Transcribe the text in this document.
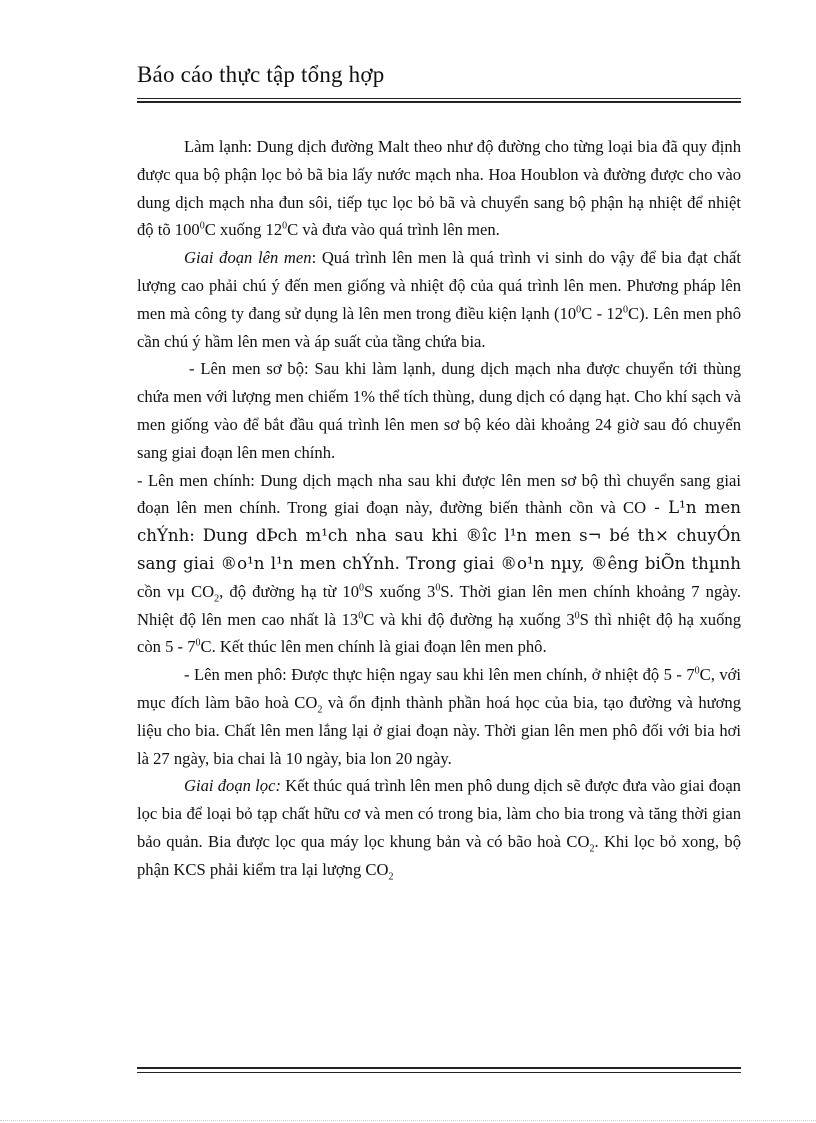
Báo cáo thực tập tổng hợp

Làm lạnh: Dung dịch đường Malt theo như độ đường cho từng loại bia đã quy định được qua bộ phận lọc bỏ bã bia lấy nước mạch nha. Hoa Houblon và đường được cho vào dung dịch mạch nha đun sôi, tiếp tục lọc bỏ bã và chuyển sang bộ phận hạ nhiệt để nhiệt độ tõ $100^0C$ xuống $12^0C$ và đưa vào quá trình lên men.

Giai đoạn lên men: Quá trình lên men là quá trình vi sinh do vậy để bia đạt chất lượng cao phải chú ý đến men giống và nhiệt độ của quá trình lên men. Phương pháp lên men mà công ty đang sử dụng là lên men trong điều kiện lạnh $(10^0C - 12^0C)$. Lên men phô cần chú ý hầm lên men và áp suất của tầng chứa bia.

- Lên men sơ bộ: Sau khi làm lạnh, dung dịch mạch nha được chuyển tới thùng chứa men với lượng men chiếm 1% thể tích thùng, dung dịch có dạng hạt. Cho khí sạch và men giống vào để bắt đầu quá trình lên men sơ bộ kéo dài khoảng 24 giờ sau đó chuyển sang giai đoạn lên men chính.

- Lên men chính: Dung dịch mạch nha sau khi được lên men sơ bộ thì chuyển sang giai đoạn lên men chính. Trong giai đoạn này, đường biến thành cồn và CO - L¹n men chÝnh: Dung dÞch m¹ch nha sau khi ®îc l¹n men s¬ bé th× chuyÓn sang giai ®o¹n l¹n men chÝnh. Trong giai ®o¹n nµy, ®êng biÕn thµnh cồn vµ $CO_2$, độ đường hạ từ $10^0S$ xuống $3^0S$. Thời gian lên men chính khoảng 7 ngày. Nhiệt độ lên men cao nhất là $13^0C$ và khi độ đường hạ xuống $3^0S$ thì nhiệt độ hạ xuống còn $5 - 7^0C$. Kết thúc lên men chính là giai đoạn lên men phô.

- Lên men phô: Được thực hiện ngay sau khi lên men chính, ở nhiệt độ $5 - 7^0C$, với mục đích làm bão hoà $CO_2$ và ổn định thành phần hoá học của bia, tạo đường và hương liệu cho bia. Chất lên men lắng lại ở giai đoạn này. Thời gian lên men phô đối với bia hơi là 27 ngày, bia chai là 10 ngày, bia lon 20 ngày.

Giai đoạn lọc: Kết thúc quá trình lên men phô dung dịch sẽ được đưa vào giai đoạn lọc bia để loại bỏ tạp chất hữu cơ và men có trong bia, làm cho bia trong và tăng thời gian bảo quản. Bia được lọc qua máy lọc khung bản và có bão hoà $CO_2$. Khi lọc bỏ xong, bộ phận KCS phải kiểm tra lại lượng $CO_2$
